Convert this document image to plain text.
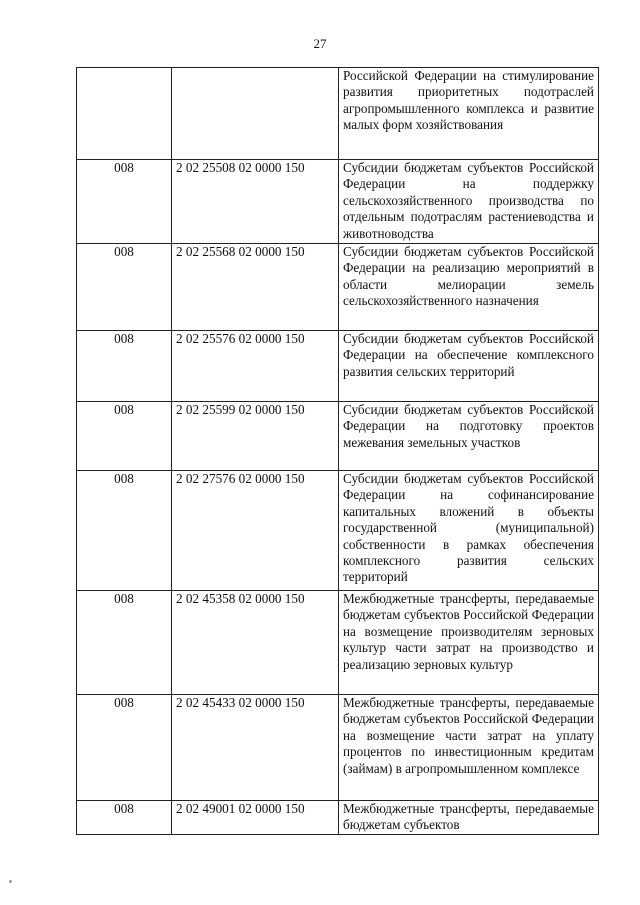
27
		Российской Федерации на стимулирование развития приоритетных подотраслей агропромышленного комплекса и развитие малых форм хозяйствования
008	2 02 25508 02 0000 150	Субсидии бюджетам субъектов Российской Федерации на поддержку сельскохозяйственного производства по отдельным подотраслям растениеводства и животноводства
008	2 02 25568 02 0000 150	Субсидии бюджетам субъектов Российской Федерации на реализацию мероприятий в области мелиорации земель сельскохозяйственного назначения
008	2 02 25576 02 0000 150	Субсидии бюджетам субъектов Российской Федерации на обеспечение комплексного развития сельских территорий
008	2 02 25599 02 0000 150	Субсидии бюджетам субъектов Российской Федерации на подготовку проектов межевания земельных участков
008	2 02 27576 02 0000 150	Субсидии бюджетам субъектов Российской Федерации на софинансирование капитальных вложений в объекты государственной (муниципальной) собственности в рамках обеспечения комплексного развития сельских территорий
008	2 02 45358 02 0000 150	Межбюджетные трансферты, передаваемые бюджетам субъектов Российской Федерации на возмещение производителям зерновых культур части затрат на производство и реализацию зерновых культур
008	2 02 45433 02 0000 150	Межбюджетные трансферты, передаваемые бюджетам субъектов Российской Федерации на возмещение части затрат на уплату процентов по инвестиционным кредитам (займам) в агропромышленном комплексе
008	2 02 49001 02 0000 150	Межбюджетные трансферты, передаваемые бюджетам субъектов
